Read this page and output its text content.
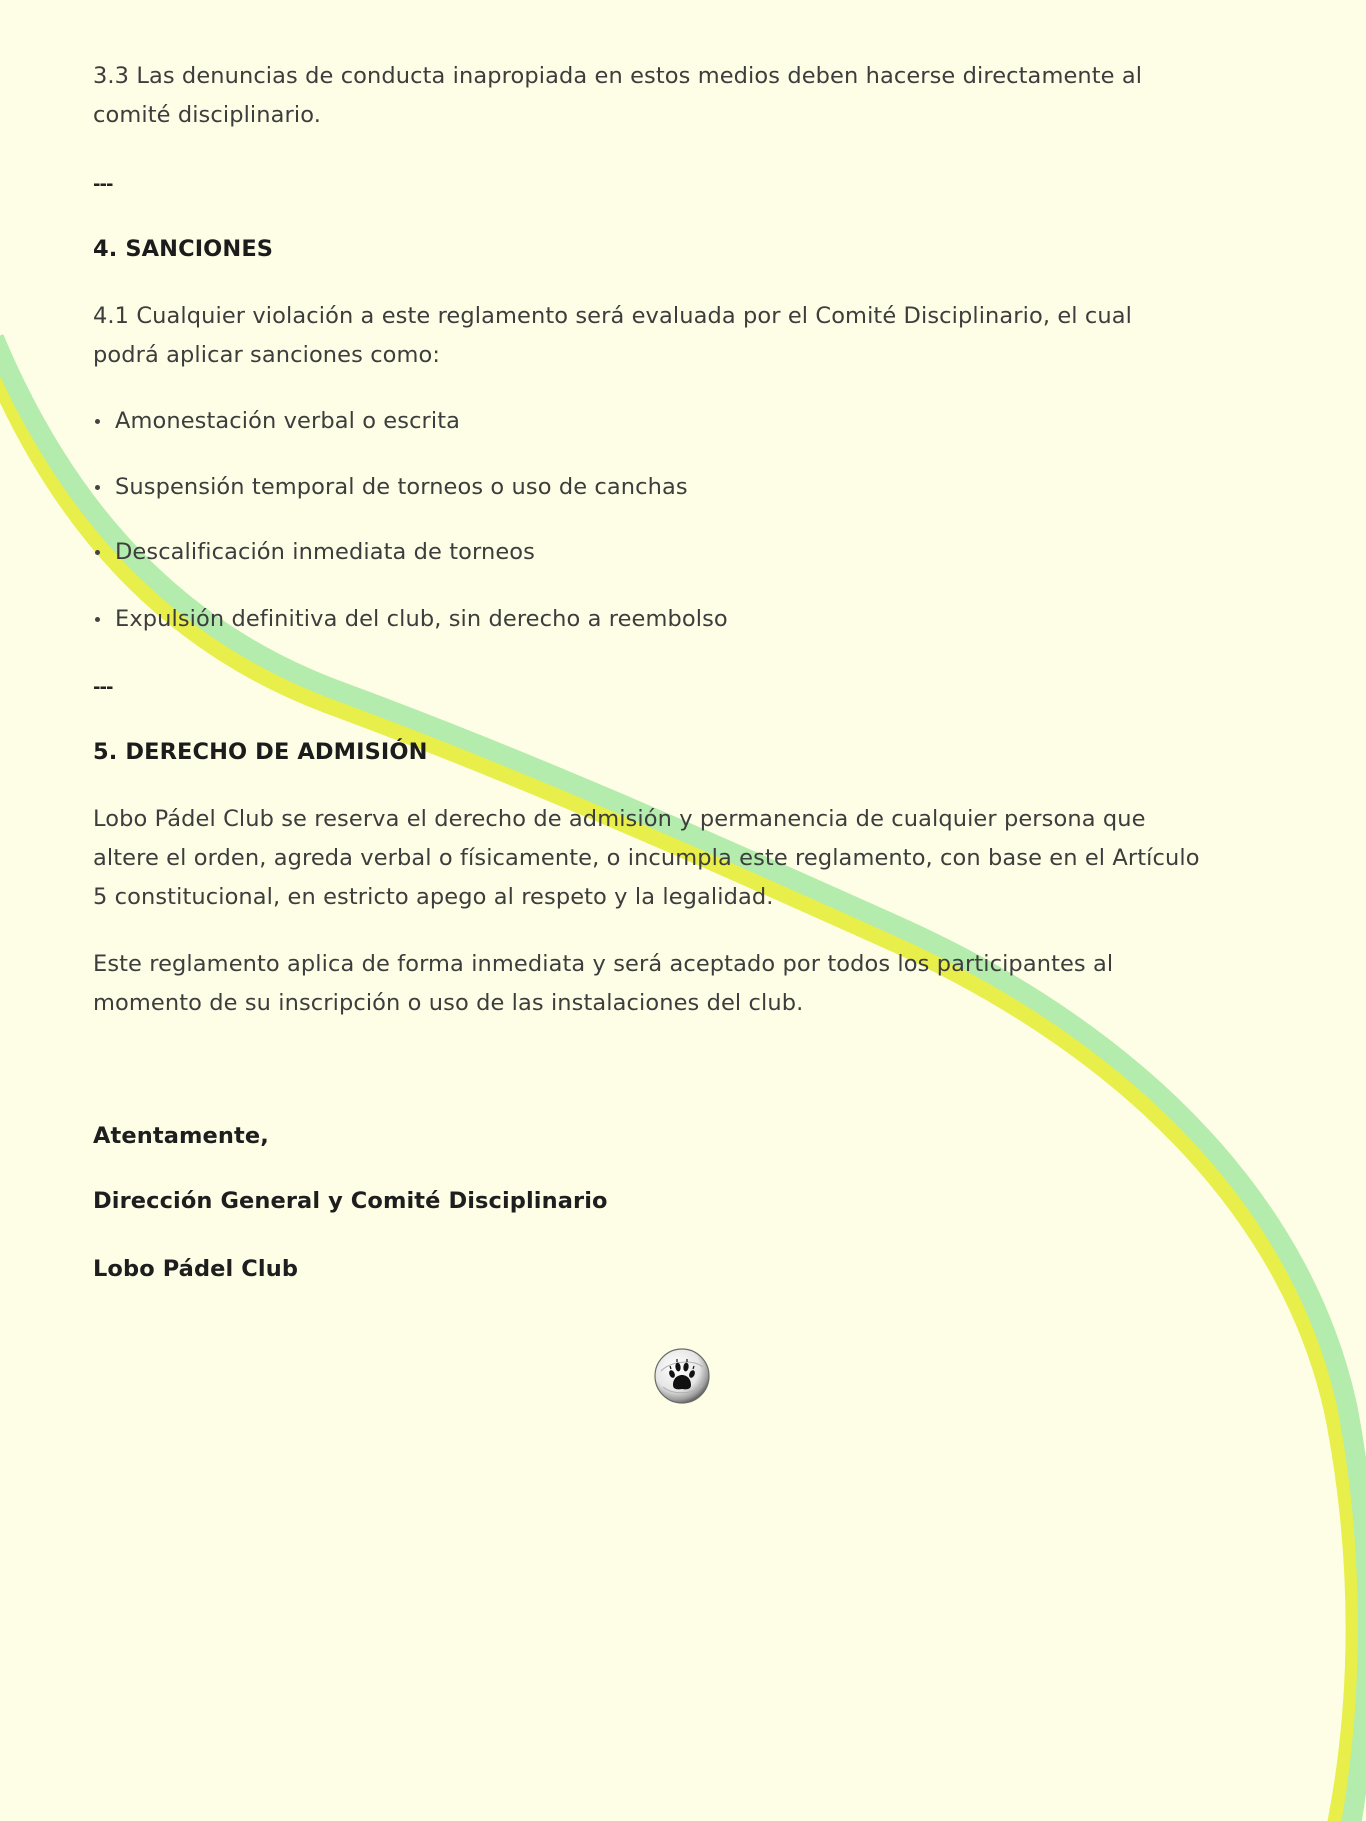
3.3 Las denuncias de conducta inapropiada en estos medios deben hacerse directamente al
comité disciplinario.
---
4. SANCIONES
4.1 Cualquier violación a este reglamento será evaluada por el Comité Disciplinario, el cual
podrá aplicar sanciones como:
Amonestación verbal o escrita
Suspensión temporal de torneos o uso de canchas
Descalificación inmediata de torneos
Expulsión definitiva del club, sin derecho a reembolso
---
5. DERECHO DE ADMISIÓN
Lobo Pádel Club se reserva el derecho de admisión y permanencia de cualquier persona que
altere el orden, agreda verbal o físicamente, o incumpla este reglamento, con base en el Artículo
5 constitucional, en estricto apego al respeto y la legalidad.
Este reglamento aplica de forma inmediata y será aceptado por todos los participantes al
momento de su inscripción o uso de las instalaciones del club.
Atentamente,
Dirección General y Comité Disciplinario
Lobo Pádel Club
